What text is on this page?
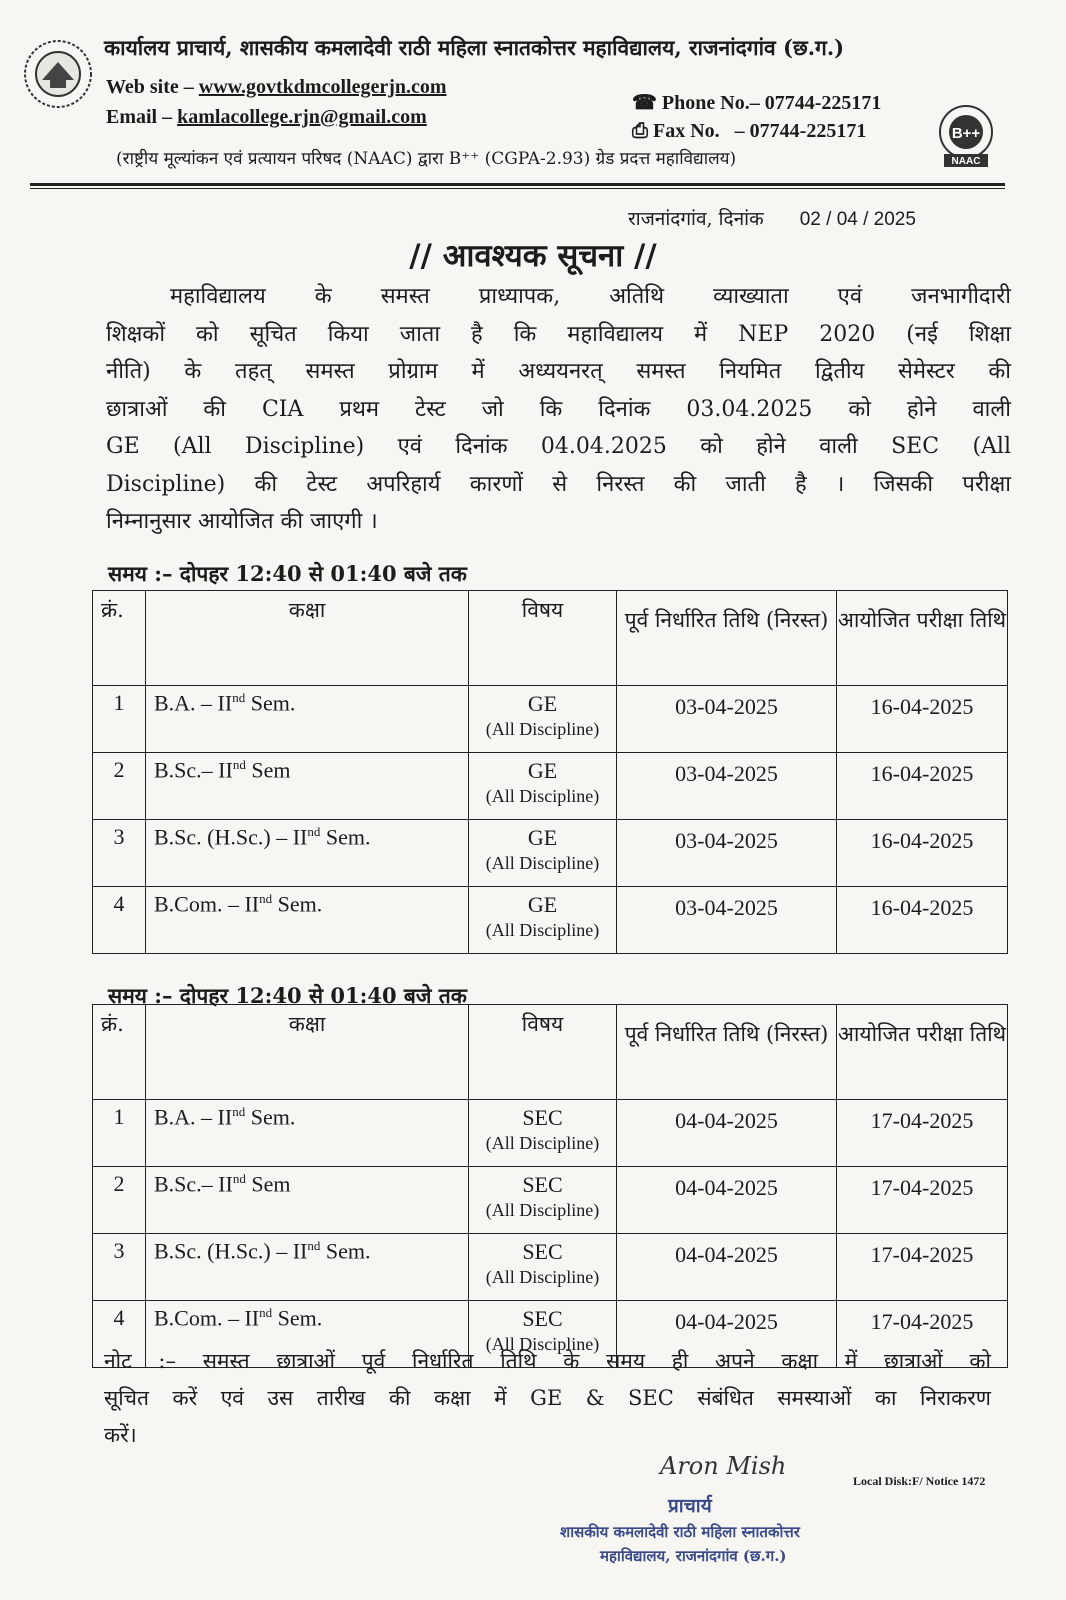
कार्यालय प्राचार्य, शासकीय कमलादेवी राठी महिला स्नातकोत्तर महाविद्यालय, राजनांदगांव (छ.ग.)
Web site – www.govtkdmcollegerjn.com
Email – kamlacollege.rjn@gmail.com
☎ Phone No.– 07744-225171
⎙ Fax No. – 07744-225171	B++
NAAC
(राष्ट्रीय मूल्यांकन एवं प्रत्यायन परिषद (NAAC) द्वारा B⁺⁺ (CGPA-2.93) ग्रेड प्रदत्त महाविद्यालय)
राजनांदगांव, दिनांक 02 / 04 / 2025
// आवश्यक सूचना //
महाविद्यालय के समस्त प्राध्यापक, अतिथि व्याख्याता एवं जनभागीदारी
शिक्षकों को सूचित किया जाता है कि महाविद्यालय में NEP 2020 (नई शिक्षा
नीति) के तहत् समस्त प्रोग्राम में अध्ययनरत् समस्त नियमित द्वितीय सेमेस्टर की
छात्राओं की CIA प्रथम टेस्ट जो कि दिनांक 03.04.2025 को होने वाली
GE (All Discipline) एवं दिनांक 04.04.2025 को होने वाली SEC (All
Discipline) की टेस्ट अपरिहार्य कारणों से निरस्त की जाती है । जिसकी परीक्षा
निम्नानुसार आयोजित की जाएगी ।
समय :– दोपहर 12:40 से 01:40 बजे तक
क्रं.	कक्षा	विषय	पूर्व निर्धारित तिथि (निरस्त)	आयोजित परीक्षा तिथि
1	B.A. – IInd Sem.	GE
(All Discipline)	03-04-2025	16-04-2025
2	B.Sc.– IInd Sem	GE
(All Discipline)	03-04-2025	16-04-2025
3	B.Sc. (H.Sc.) – IInd Sem.	GE
(All Discipline)	03-04-2025	16-04-2025
4	B.Com. – IInd Sem.	GE
(All Discipline)	03-04-2025	16-04-2025
समय :– दोपहर 12:40 से 01:40 बजे तक
क्रं.	कक्षा	विषय	पूर्व निर्धारित तिथि (निरस्त)	आयोजित परीक्षा तिथि
1	B.A. – IInd Sem.	SEC
(All Discipline)	04-04-2025	17-04-2025
2	B.Sc.– IInd Sem	SEC
(All Discipline)	04-04-2025	17-04-2025
3	B.Sc. (H.Sc.) – IInd Sem.	SEC
(All Discipline)	04-04-2025	17-04-2025
4	B.Com. – IInd Sem.	SEC
(All Discipline)	04-04-2025	17-04-2025
नोट :– समस्त छात्राओं पूर्व निर्धारित तिथि के समय ही अपने कक्षा में छात्राओं को
सूचित करें एवं उस तारीख की कक्षा में GE & SEC संबंधित समस्याओं का निराकरण
करें।
Aron Mish
प्राचार्य
शासकीय कमलादेवी राठी महिला स्नातकोत्तर
महाविद्यालय, राजनांदगांव (छ.ग.)
Local Disk:F/ Notice 1472
